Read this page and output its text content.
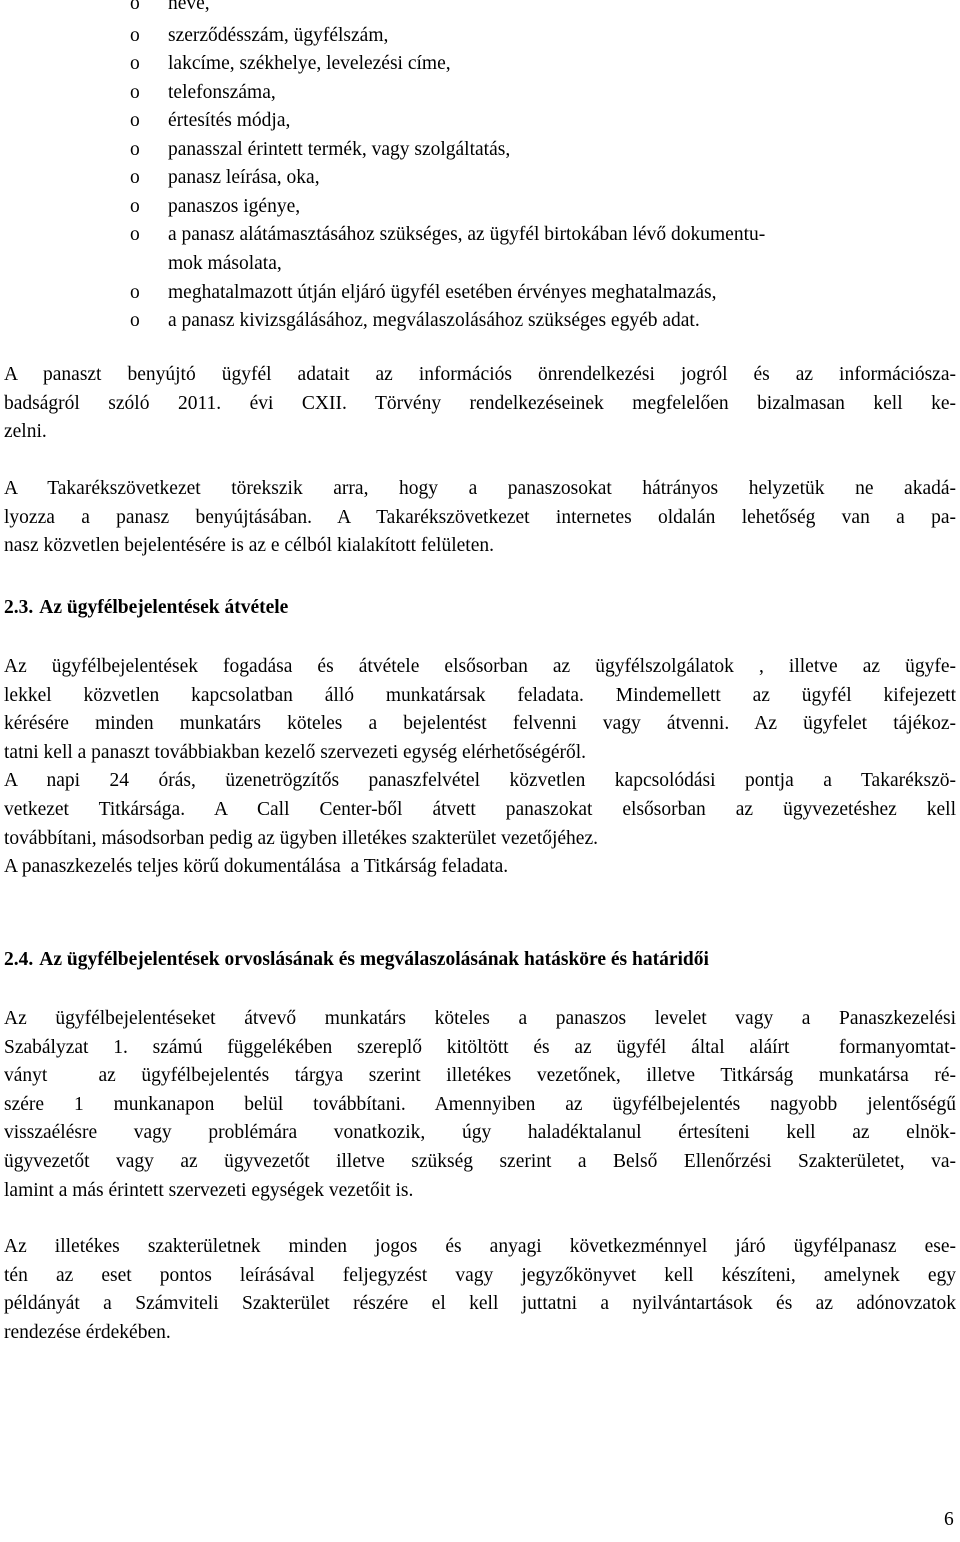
o neve,
o szerződésszám, ügyfélszám,
o lakcíme, székhelye, levelezési címe,
o telefonszáma,
o értesítés módja,
o panasszal érintett termék, vagy szolgáltatás,
o panasz leírása, oka,
o panaszos igénye,
o a panasz alátámasztásához szükséges, az ügyfél birtokában lévő dokumentu-
mok másolata,
o meghatalmazott útján eljáró ügyfél esetében érvényes meghatalmazás,
o a panasz kivizsgálásához, megválaszolásához szükséges egyéb adat.

A panaszt benyújtó ügyfél adatait az információs önrendelkezési jogról és az információsza-

badságról szóló 2011. évi CXII. Törvény rendelkezéseinek megfelelően bizalmasan kell ke-

zelni.

A Takarékszövetkezet törekszik arra, hogy a panaszosokat hátrányos helyzetük ne akadá-

lyozza a panasz benyújtásában. A Takarékszövetkezet internetes oldalán lehetőség van a pa-

nasz közvetlen bejelentésére is az e célból kialakított felületen.

2.3. Az ügyfélbejelentések átvétele

Az ügyfélbejelentések fogadása és átvétele elsősorban az ügyfélszolgálatok , illetve az ügyfe-

lekkel közvetlen kapcsolatban álló munkatársak feladata. Mindemellett az ügyfél kifejezett

kérésére minden munkatárs köteles a bejelentést felvenni vagy átvenni. Az ügyfelet tájékoz-

tatni kell a panaszt továbbiakban kezelő szervezeti egység elérhetőségéről.

A napi 24 órás, üzenetrögzítős panaszfelvétel közvetlen kapcsolódási pontja a Takarékszö-

vetkezet Titkársága. A Call Center-ből átvett panaszokat elsősorban az ügyvezetéshez kell

továbbítani, másodsorban pedig az ügyben illetékes szakterület vezetőjéhez.

A panaszkezelés teljes körű dokumentálása  a Titkárság feladata.

2.4. Az ügyfélbejelentések orvoslásának és megválaszolásának hatásköre és határidői

Az ügyfélbejelentéseket átvevő munkatárs köteles a panaszos levelet vagy a Panaszkezelési

Szabályzat 1. számú függelékében szereplő kitöltött és az ügyfél által aláírt  formanyomtat-

ványt  az ügyfélbejelentés tárgya szerint illetékes vezetőnek, illetve Titkárság munkatársa ré-

szére 1 munkanapon belül továbbítani. Amennyiben az ügyfélbejelentés nagyobb jelentőségű

visszaélésre vagy problémára vonatkozik, úgy haladéktalanul értesíteni kell az elnök-

ügyvezetőt vagy az ügyvezetőt illetve szükség szerint a Belső Ellenőrzési Szakterületet, va-

lamint a más érintett szervezeti egységek vezetőit is.

Az illetékes szakterületnek minden jogos és anyagi következménnyel járó ügyfélpanasz ese-

tén az eset pontos leírásával feljegyzést vagy jegyzőkönyvet kell készíteni, amelynek egy

példányát a Számviteli Szakterület részére el kell juttatni a nyilvántartások és az adónovzatok

rendezése érdekében.

6
